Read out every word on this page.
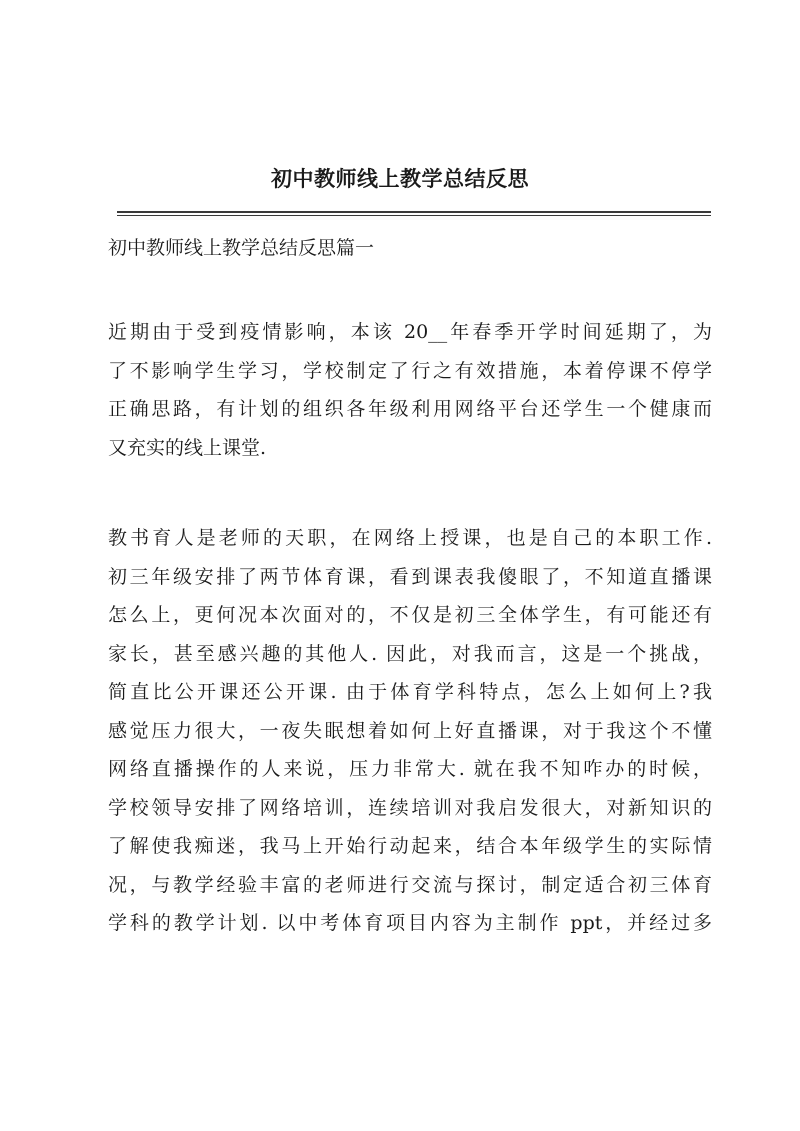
初中教师线上教学总结反思
初中教师线上教学总结反思篇一
近期由于受到疫情影响，本该 20__年春季开学时间延期了，为
了不影响学生学习，学校制定了行之有效措施，本着停课不停学
正确思路，有计划的组织各年级利用网络平台还学生一个健康而
又充实的线上课堂.
教书育人是老师的天职，在网络上授课，也是自己的本职工作.
初三年级安排了两节体育课，看到课表我傻眼了，不知道直播课
怎么上，更何况本次面对的，不仅是初三全体学生，有可能还有
家长，甚至感兴趣的其他人. 因此，对我而言，这是一个挑战，
简直比公开课还公开课. 由于体育学科特点，怎么上如何上?我
感觉压力很大，一夜失眠想着如何上好直播课，对于我这个不懂
网络直播操作的人来说，压力非常大. 就在我不知咋办的时候，
学校领导安排了网络培训，连续培训对我启发很大，对新知识的
了解使我痴迷，我马上开始行动起来，结合本年级学生的实际情
况，与教学经验丰富的老师进行交流与探讨，制定适合初三体育
学科的教学计划. 以中考体育项目内容为主制作 ppt，并经过多
